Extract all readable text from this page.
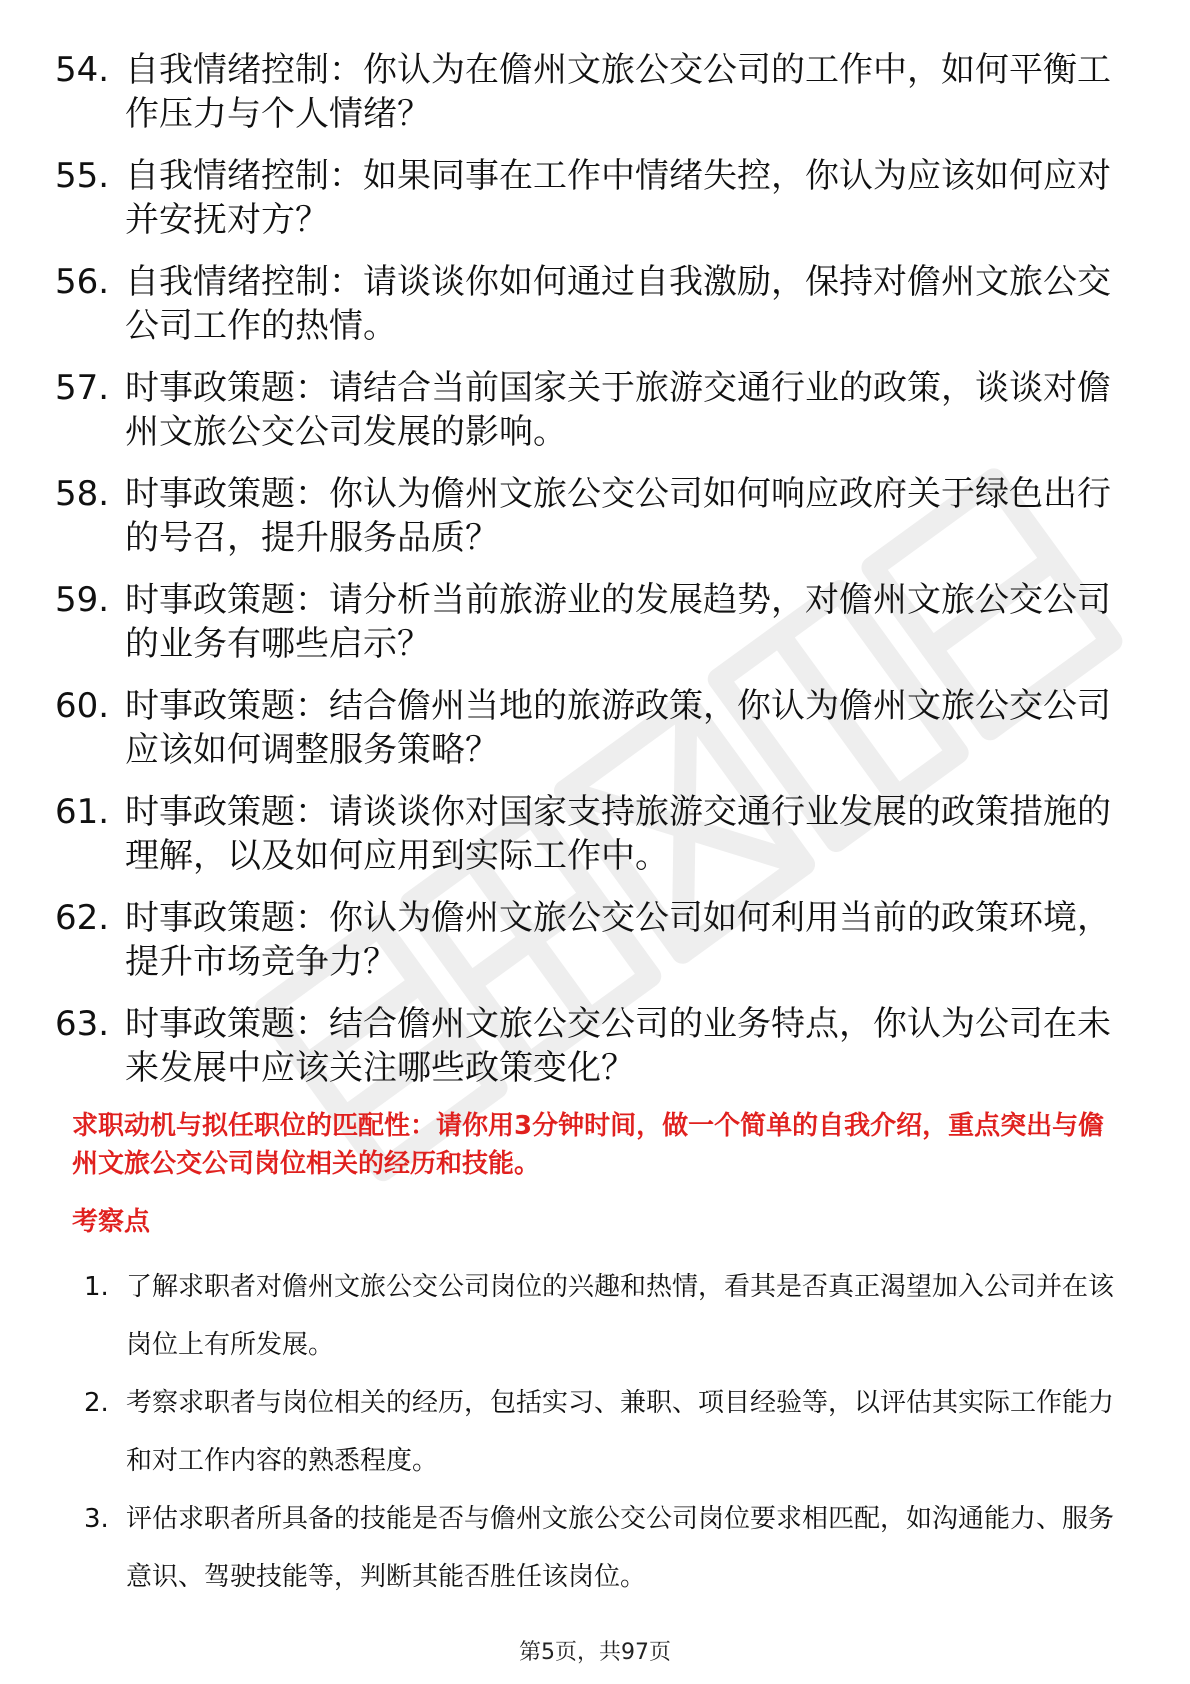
54. 自我情绪控制：你认为在儋州文旅公交公司的工作中，如何平衡工作压力与个人情绪？
55. 自我情绪控制：如果同事在工作中情绪失控，你认为应该如何应对并安抚对方？
56. 自我情绪控制：请谈谈你如何通过自我激励，保持对儋州文旅公交公司工作的热情。
57. 时事政策题：请结合当前国家关于旅游交通行业的政策，谈谈对儋州文旅公交公司发展的影响。
58. 时事政策题：你认为儋州文旅公交公司如何响应政府关于绿色出行的号召，提升服务品质？
59. 时事政策题：请分析当前旅游业的发展趋势，对儋州文旅公交公司的业务有哪些启示？
60. 时事政策题：结合儋州当地的旅游政策，你认为儋州文旅公交公司应该如何调整服务策略？
61. 时事政策题：请谈谈你对国家支持旅游交通行业发展的政策措施的理解，以及如何应用到实际工作中。
62. 时事政策题：你认为儋州文旅公交公司如何利用当前的政策环境，提升市场竞争力？
63. 时事政策题：结合儋州文旅公交公司的业务特点，你认为公司在未来发展中应该关注哪些政策变化？
求职动机与拟任职位的匹配性：请你用3分钟时间，做一个简单的自我介绍，重点突出与儋州文旅公交公司岗位相关的经历和技能。
考察点
1. 了解求职者对儋州文旅公交公司岗位的兴趣和热情，看其是否真正渴望加入公司并在该岗位上有所发展。
2. 考察求职者与岗位相关的经历，包括实习、兼职、项目经验等，以评估其实际工作能力和对工作内容的熟悉程度。
3. 评估求职者所具备的技能是否与儋州文旅公交公司岗位要求相匹配，如沟通能力、服务意识、驾驶技能等，判断其能否胜任该岗位。
第5页，共97页
